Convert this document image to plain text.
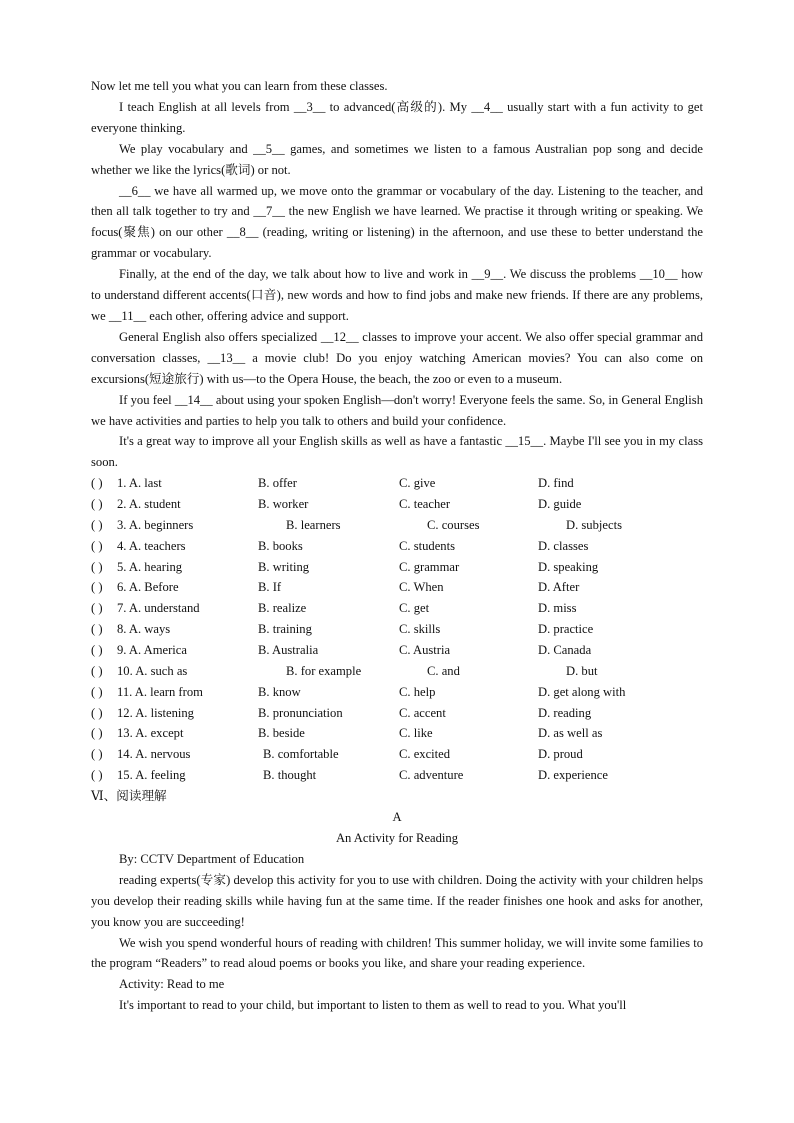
Now let me tell you what you can learn from these classes.

I teach English at all levels from __3__ to advanced(高级的). My __4__ usually start with a fun activity to get everyone thinking.

We play vocabulary and __5__ games, and sometimes we listen to a famous Australian pop song and decide whether we like the lyrics(歌词) or not.

__6__ we have all warmed up, we move onto the grammar or vocabulary of the day. Listening to the teacher, and then all talk together to try and __7__ the new English we have learned. We practise it through writing or speaking. We focus(聚焦) on our other __8__ (reading, writing or listening) in the afternoon, and use these to better understand the grammar or vocabulary.

Finally, at the end of the day, we talk about how to live and work in __9__. We discuss the problems __10__ how to understand different accents(口音), new words and how to find jobs and make new friends. If there are any problems, we __11__ each other, offering advice and support.

General English also offers specialized __12__ classes to improve your accent. We also offer special grammar and conversation classes, __13__ a movie club! Do you enjoy watching American movies? You can also come on excursions(短途旅行) with us—to the Opera House, the beach, the zoo or even to a museum.

If you feel __14__ about using your spoken English—don't worry! Everyone feels the same. So, in General English we have activities and parties to help you talk to others and build your confidence.

It's a great way to improve all your English skills as well as have a fantastic __15__. Maybe I'll see you in my class soon.

( ) 1. A. last	B. offer	C. give	D. find
( ) 2. A. student	B. worker	C. teacher	D. guide
( ) 3. A. beginners	B. learners	C. courses	D. subjects
( ) 4. A. teachers	B. books	C. students	D. classes
( ) 5. A. hearing	B. writing	C. grammar	D. speaking
( ) 6. A. Before	B. If	C. When	D. After
( ) 7. A. understand	B. realize	C. get	D. miss
( ) 8. A. ways	B. training	C. skills	D. practice
( ) 9. A. America	B. Australia	C. Austria	D. Canada
( ) 10. A. such as	B. for example	C. and	D. but
( ) 11. A. learn from	B. know	C. help	D. get along with
( ) 12. A. listening	B. pronunciation	C. accent	D. reading
( ) 13. A. except	B. beside	C. like	D. as well as
( ) 14. A. nervous	B. comfortable	C. excited	D. proud
( ) 15. A. feeling	B. thought	C. adventure	D. experience
Ⅵ、阅读理解
A
An Activity for Reading

By: CCTV Department of Education

reading experts(专家) develop this activity for you to use with children. Doing the activity with your children helps you develop their reading skills while having fun at the same time. If the reader finishes one hook and asks for another, you know you are succeeding!

We wish you spend wonderful hours of reading with children! This summer holiday, we will invite some families to the program “Readers” to read aloud poems or books you like, and share your reading experience.

Activity: Read to me

It's important to read to your child, but important to listen to them as well to read to you. What you'll
